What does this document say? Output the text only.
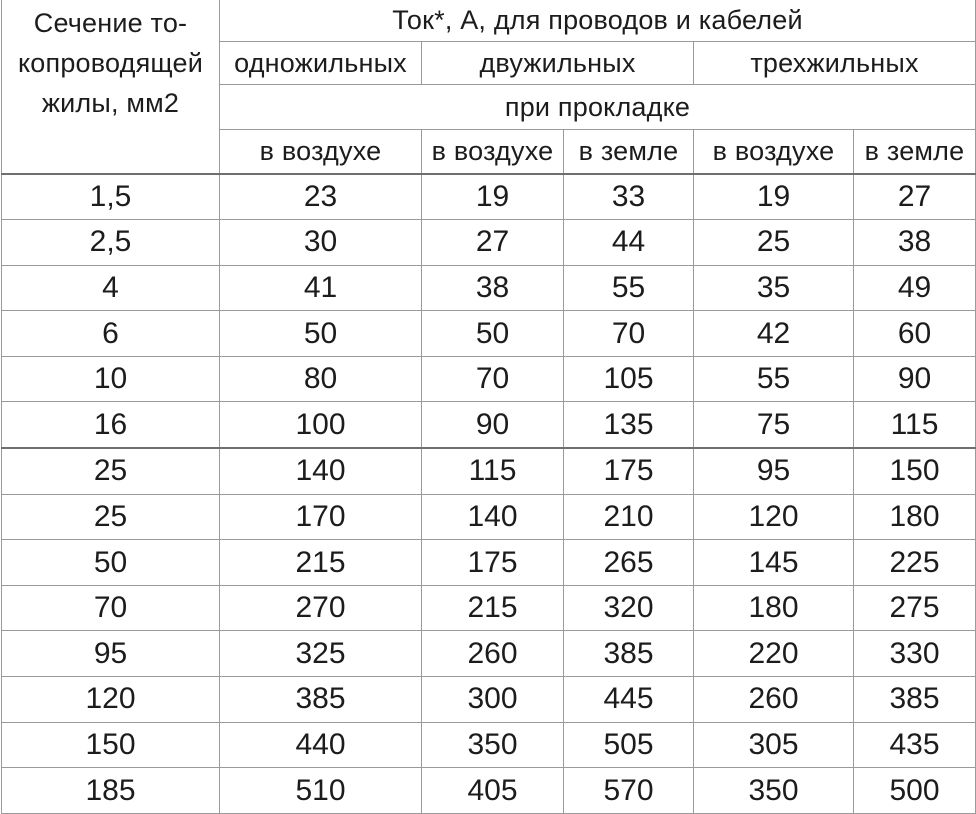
Сечение то-
копроводящей
жилы, мм2	Ток*, А, для проводов и кабелей				
	одножильных	двужильных		трехжильных	
	при прокладке				
	в воздухе	в воздухе	в земле	в воздухе	в земле
1,5	23	19	33	19	27
2,5	30	27	44	25	38
4	41	38	55	35	49
6	50	50	70	42	60
10	80	70	105	55	90
16	100	90	135	75	115
25	140	115	175	95	150
25	170	140	210	120	180
50	215	175	265	145	225
70	270	215	320	180	275
95	325	260	385	220	330
120	385	300	445	260	385
150	440	350	505	305	435
185	510	405	570	350	500
